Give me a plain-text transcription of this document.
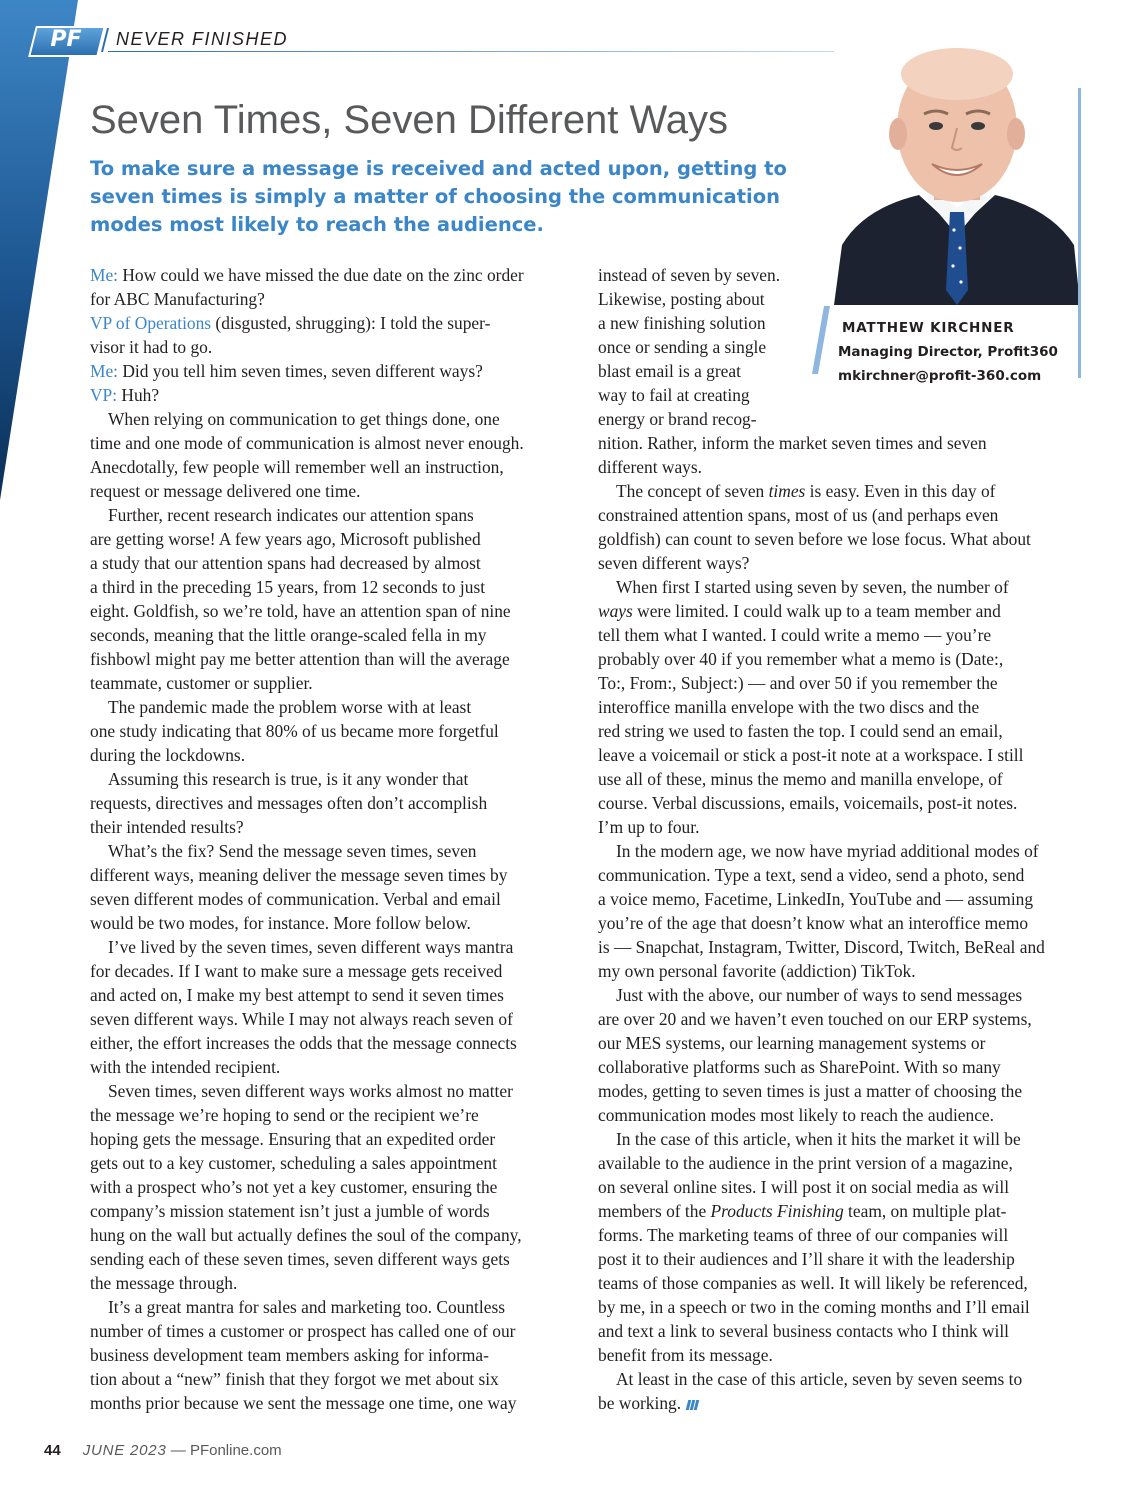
PF	NEVER FINISHED
Seven Times, Seven Different Ways
To make sure a message is received and acted upon, getting to
seven times is simply a matter of choosing the communication
modes most likely to reach the audience.
MATTHEW KIRCHNER
Managing Director, Profit360
mkirchner@profit-360.com
Me: How could we have missed the due date on the zinc order
for ABC Manufacturing?
VP of Operations (disgusted, shrugging): I told the super-
visor it had to go.
Me: Did you tell him seven times, seven different ways?
VP: Huh?
When relying on communication to get things done, one
time and one mode of communication is almost never enough.
Anecdotally, few people will remember well an instruction,
request or message delivered one time.
Further, recent research indicates our attention spans
are getting worse! A few years ago, Microsoft published
a study that our attention spans had decreased by almost
a third in the preceding 15 years, from 12 seconds to just
eight. Goldfish, so we’re told, have an attention span of nine
seconds, meaning that the little orange-scaled fella in my
fishbowl might pay me better attention than will the average
teammate, customer or supplier.
The pandemic made the problem worse with at least
one study indicating that 80% of us became more forgetful
during the lockdowns.
Assuming this research is true, is it any wonder that
requests, directives and messages often don’t accomplish
their intended results?
What’s the fix? Send the message seven times, seven
different ways, meaning deliver the message seven times by
seven different modes of communication. Verbal and email
would be two modes, for instance. More follow below.
I’ve lived by the seven times, seven different ways mantra
for decades. If I want to make sure a message gets received
and acted on, I make my best attempt to send it seven times
seven different ways. While I may not always reach seven of
either, the effort increases the odds that the message connects
with the intended recipient.
Seven times, seven different ways works almost no matter
the message we’re hoping to send or the recipient we’re
hoping gets the message. Ensuring that an expedited order
gets out to a key customer, scheduling a sales appointment
with a prospect who’s not yet a key customer, ensuring the
company’s mission statement isn’t just a jumble of words
hung on the wall but actually defines the soul of the company,
sending each of these seven times, seven different ways gets
the message through.
It’s a great mantra for sales and marketing too. Countless
number of times a customer or prospect has called one of our
business development team members asking for informa-
tion about a “new” finish that they forgot we met about six
months prior because we sent the message one time, one way
instead of seven by seven.
Likewise, posting about
a new finishing solution
once or sending a single
blast email is a great
way to fail at creating
energy or brand recog-
nition. Rather, inform the market seven times and seven
different ways.
The concept of seven times is easy. Even in this day of
constrained attention spans, most of us (and perhaps even
goldfish) can count to seven before we lose focus. What about
seven different ways?
When first I started using seven by seven, the number of
ways were limited. I could walk up to a team member and
tell them what I wanted. I could write a memo — you’re
probably over 40 if you remember what a memo is (Date:,
To:, From:, Subject:) — and over 50 if you remember the
interoffice manilla envelope with the two discs and the
red string we used to fasten the top. I could send an email,
leave a voicemail or stick a post-it note at a workspace. I still
use all of these, minus the memo and manilla envelope, of
course. Verbal discussions, emails, voicemails, post-it notes.
I’m up to four.
In the modern age, we now have myriad additional modes of
communication. Type a text, send a video, send a photo, send
a voice memo, Facetime, LinkedIn, YouTube and — assuming
you’re of the age that doesn’t know what an interoffice memo
is — Snapchat, Instagram, Twitter, Discord, Twitch, BeReal and
my own personal favorite (addiction) TikTok.
Just with the above, our number of ways to send messages
are over 20 and we haven’t even touched on our ERP systems,
our MES systems, our learning management systems or
collaborative platforms such as SharePoint. With so many
modes, getting to seven times is just a matter of choosing the
communication modes most likely to reach the audience.
In the case of this article, when it hits the market it will be
available to the audience in the print version of a magazine,
on several online sites. I will post it on social media as will
members of the Products Finishing team, on multiple plat-
forms. The marketing teams of three of our companies will
post it to their audiences and I’ll share it with the leadership
teams of those companies as well. It will likely be referenced,
by me, in a speech or two in the coming months and I’ll email
and text a link to several business contacts who I think will
benefit from its message.
At least in the case of this article, seven by seven seems to
be working.
44 JUNE 2023 — PFonline.com
